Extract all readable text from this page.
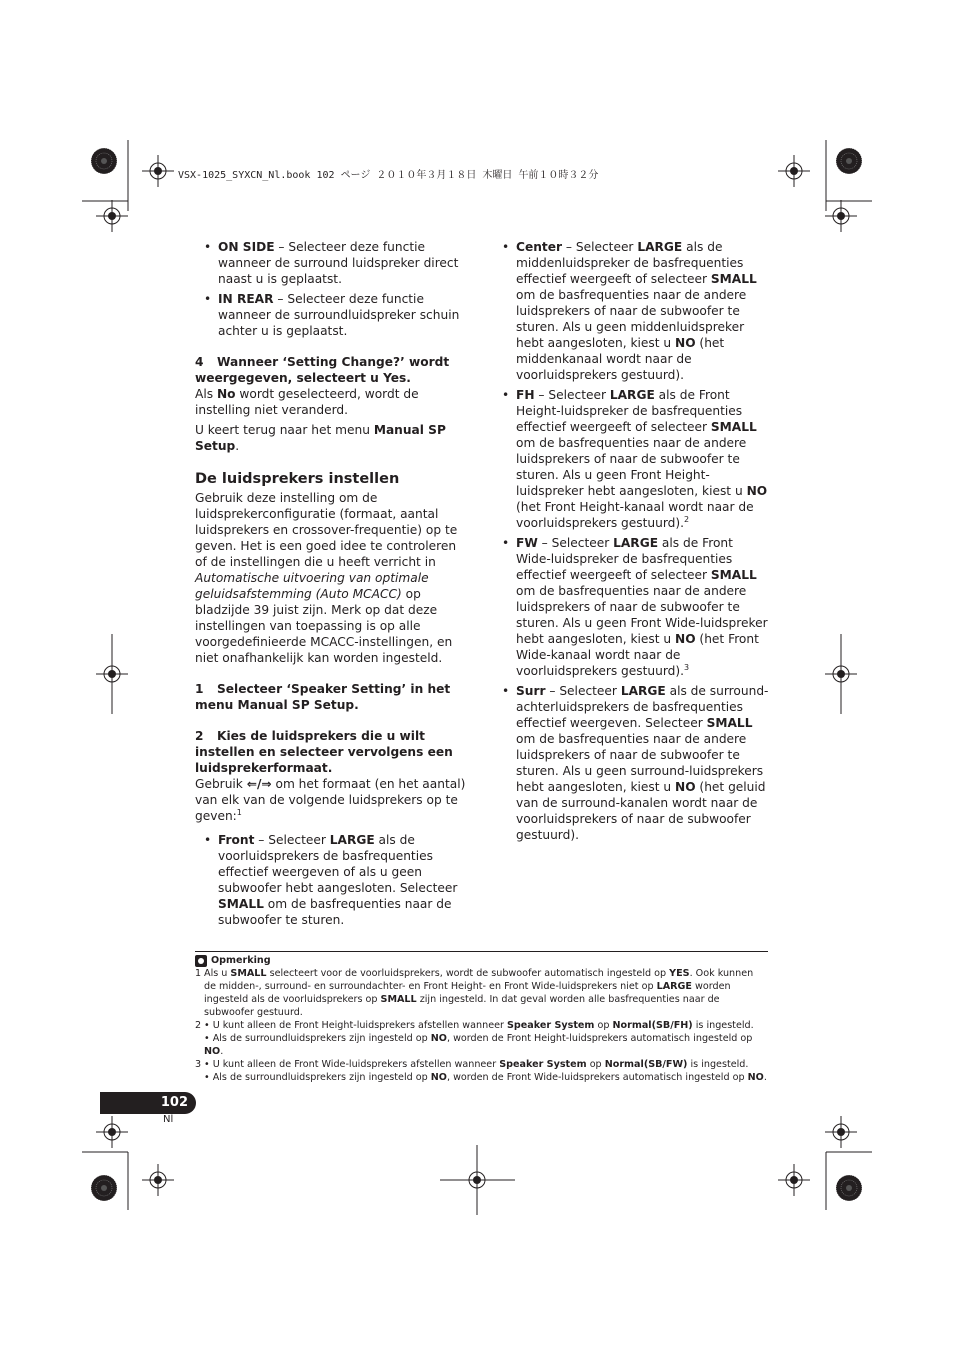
VSX-1025_SYXCN_Nl.book 102 ページ ２０１０年３月１８日 木曜日 午前１０時３２分
• ON SIDE – Selecteer deze functie wanneer de surround luidspreker direct naast u is geplaatst.
• IN REAR – Selecteer deze functie wanneer de surroundluidspreker schuin achter u is geplaatst.

4 Wanneer ‘Setting Change?’ wordt weergegeven, selecteert u Yes.

Als No wordt geselecteerd, wordt de instelling niet veranderd.

U keert terug naar het menu Manual SP Setup.

De luidsprekers instellen

Gebruik deze instelling om de luidsprekerconfiguratie (formaat, aantal luidsprekers en crossover-frequentie) op te geven. Het is een goed idee te controleren of de instellingen die u heeft verricht in Automatische uitvoering van optimale geluidsafstemming (Auto MCACC) op bladzijde 39 juist zijn. Merk op dat deze instellingen van toepassing is op alle voorgedefinieerde MCACC-instellingen, en niet onafhankelijk kan worden ingesteld.

1 Selecteer ‘Speaker Setting’ in het menu Manual SP Setup.

2 Kies de luidsprekers die u wilt instellen en selecteer vervolgens een luidsprekerformaat.

Gebruik ⇐/⇒ om het formaat (en het aantal) van elk van de volgende luidsprekers op te geven:$^1$

• Front – Selecteer LARGE als de voorluidsprekers de basfrequenties effectief weergeven of als u geen subwoofer hebt aangesloten. Selecteer SMALL om de basfrequenties naar de subwoofer te sturen.
• Center – Selecteer LARGE als de middenluidspreker de basfrequenties effectief weergeeft of selecteer SMALL om de basfrequenties naar de andere luidsprekers of naar de subwoofer te sturen. Als u geen middenluidspreker hebt aangesloten, kiest u NO (het middenkanaal wordt naar de voorluidsprekers gestuurd).
• FH – Selecteer LARGE als de Front Height-luidspreker de basfrequenties effectief weergeeft of selecteer SMALL om de basfrequenties naar de andere luidsprekers of naar de subwoofer te sturen. Als u geen Front Height-luidspreker hebt aangesloten, kiest u NO (het Front Height-kanaal wordt naar de voorluidsprekers gestuurd).$^2$
• FW – Selecteer LARGE als de Front Wide-luidspreker de basfrequenties effectief weergeeft of selecteer SMALL om de basfrequenties naar de andere luidsprekers of naar de subwoofer te sturen. Als u geen Front Wide-luidspreker hebt aangesloten, kiest u NO (het Front Wide-kanaal wordt naar de voorluidsprekers gestuurd).$^3$
• Surr – Selecteer LARGE als de surround-achterluidsprekers de basfrequenties effectief weergeven. Selecteer SMALL om de basfrequenties naar de andere luidsprekers of naar de subwoofer te sturen. Als u geen surround-luidsprekers hebt aangesloten, kiest u NO (het geluid van de surround-kanalen wordt naar de voorluidsprekers of naar de subwoofer gestuurd).
Opmerking
1 Als u SMALL selecteert voor de voorluidsprekers, wordt de subwoofer automatisch ingesteld op YES. Ook kunnen de midden-, surround- en surroundachter- en Front Height- en Front Wide-luidsprekers niet op LARGE worden ingesteld als de voorluidsprekers op SMALL zijn ingesteld. In dat geval worden alle basfrequenties naar de subwoofer gestuurd.
2 • U kunt alleen de Front Height-luidsprekers afstellen wanneer Speaker System op Normal(SB/FH) is ingesteld.
• Als de surroundluidsprekers zijn ingesteld op NO, worden de Front Height-luidsprekers automatisch ingesteld op NO.
3 • U kunt alleen de Front Wide-luidsprekers afstellen wanneer Speaker System op Normal(SB/FW) is ingesteld.
• Als de surroundluidsprekers zijn ingesteld op NO, worden de Front Wide-luidsprekers automatisch ingesteld op NO.
102
Nl
